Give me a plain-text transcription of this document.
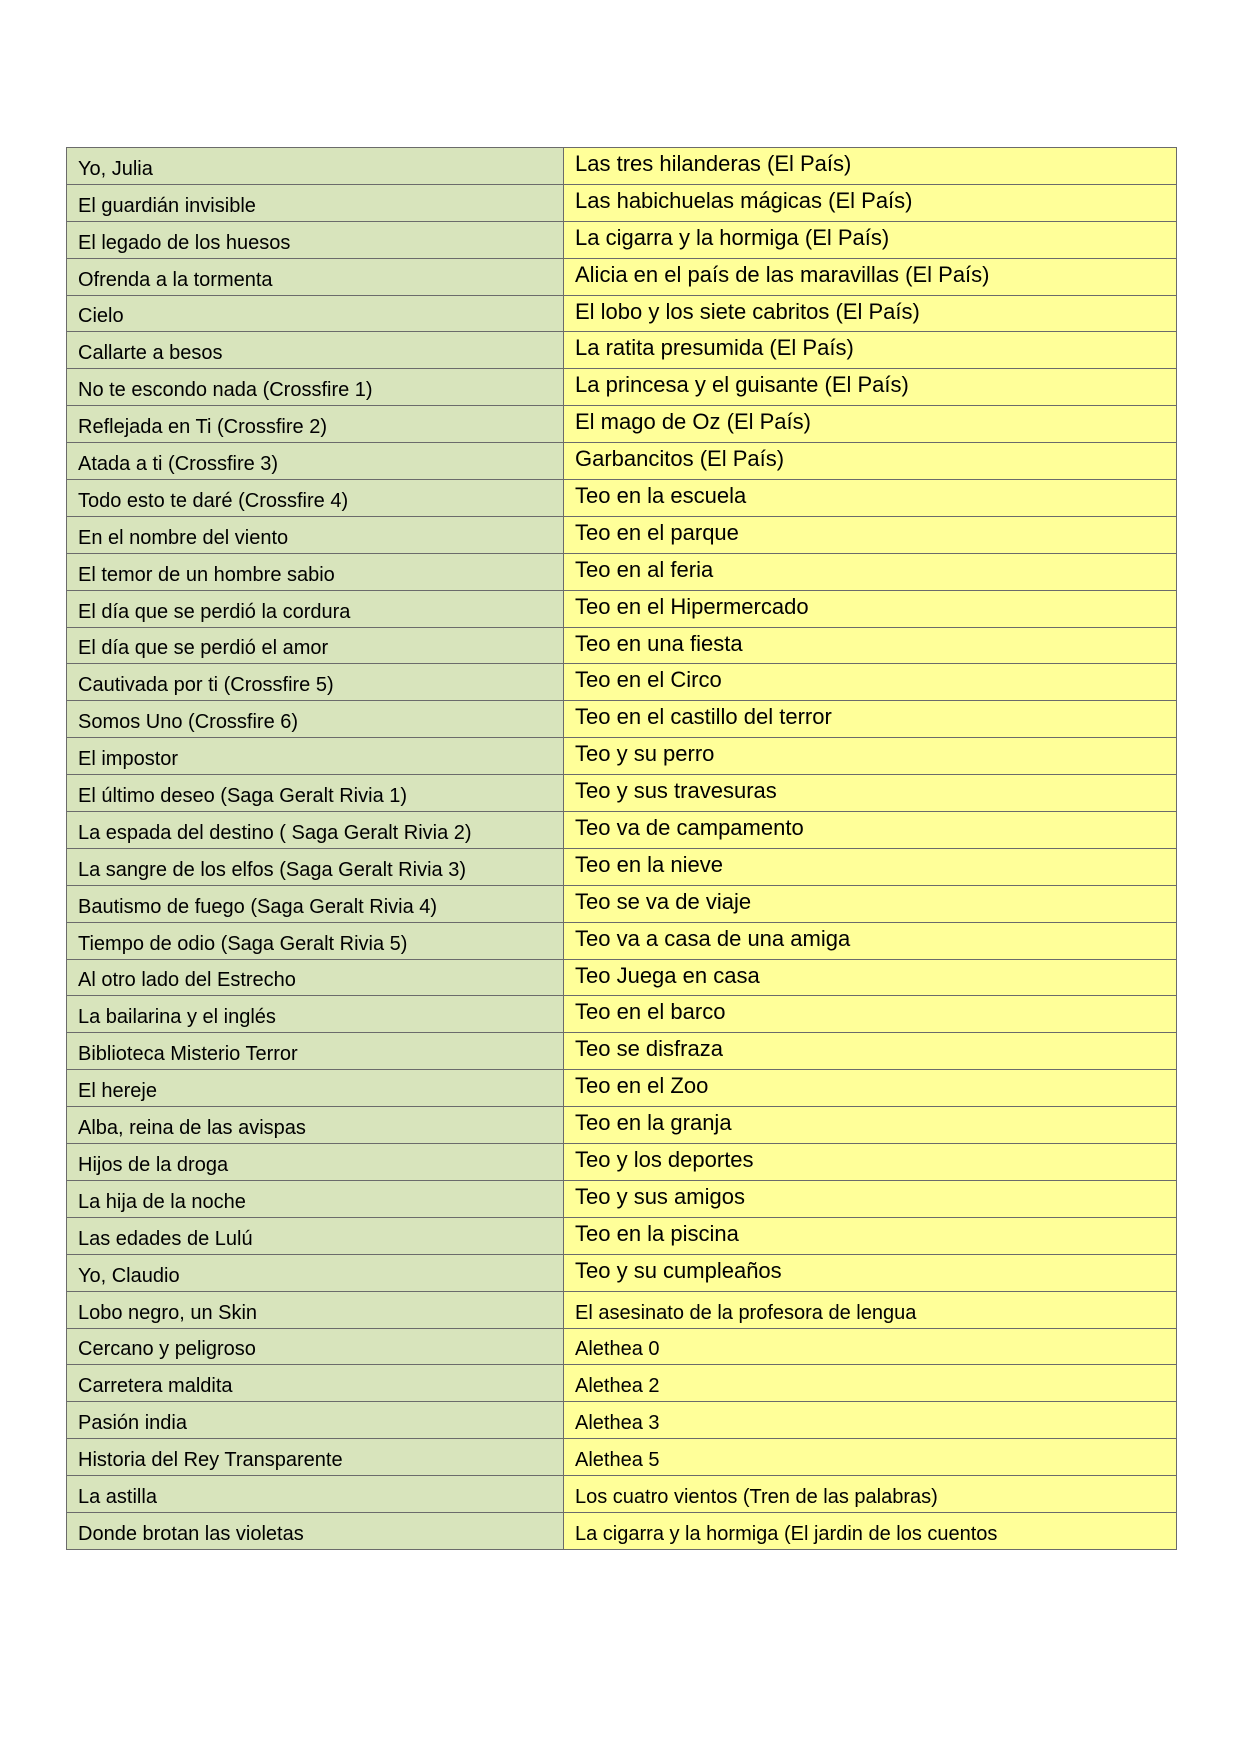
Yo, Julia	Las tres hilanderas (El País)
El guardián invisible	Las habichuelas mágicas (El País)
El legado de los huesos	La cigarra y la hormiga (El País)
Ofrenda a la tormenta	Alicia en el país de las maravillas (El País)
Cielo	El lobo y los siete cabritos (El País)
Callarte a besos	La ratita presumida (El País)
No te escondo nada (Crossfire 1)	La princesa y el guisante (El País)
Reflejada en Ti (Crossfire 2)	El mago de Oz (El País)
Atada a ti (Crossfire 3)	Garbancitos (El País)
Todo esto te daré (Crossfire 4)	Teo en la escuela
En el nombre del viento	Teo en el parque
El temor de un hombre sabio	Teo en al feria
El día que se perdió la cordura	Teo en el Hipermercado
El día que se perdió el amor	Teo en una fiesta
Cautivada por ti (Crossfire 5)	Teo en el Circo
Somos Uno (Crossfire 6)	Teo en el castillo del terror
El impostor	Teo y su perro
El último deseo (Saga Geralt Rivia 1)	Teo y sus travesuras
La espada del destino ( Saga Geralt Rivia 2)	Teo va de campamento
La sangre de los elfos (Saga Geralt Rivia 3)	Teo en la nieve
Bautismo de fuego (Saga Geralt Rivia 4)	Teo se va de viaje
Tiempo de odio (Saga Geralt Rivia 5)	Teo va a casa de una amiga
Al otro lado del Estrecho	Teo Juega en casa
La bailarina y el inglés	Teo en el barco
Biblioteca Misterio Terror	Teo se disfraza
El hereje	Teo en el Zoo
Alba, reina de las avispas	Teo en la granja
Hijos de la droga	Teo y los deportes
La hija de la noche	Teo y sus amigos
Las edades de Lulú	Teo en la piscina
Yo, Claudio	Teo y su cumpleaños
Lobo negro, un Skin	El asesinato de la profesora de lengua
Cercano y peligroso	Alethea 0
Carretera maldita	Alethea 2
Pasión india	Alethea 3
Historia del Rey Transparente	Alethea 5
La astilla	Los cuatro vientos (Tren de las palabras)
Donde brotan las violetas	La cigarra y la hormiga (El jardin de los cuentos
